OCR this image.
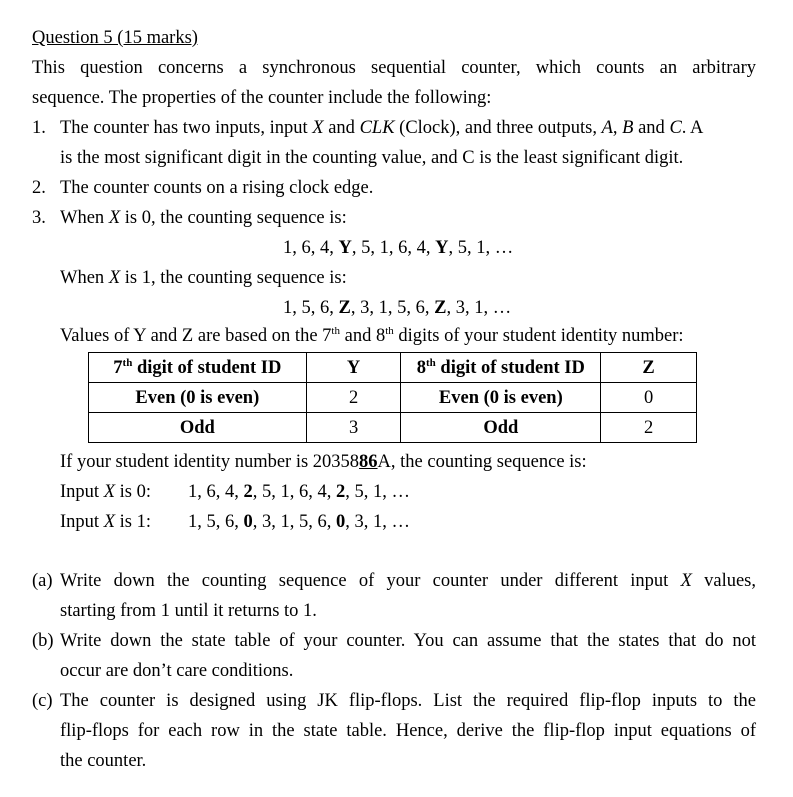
Question 5 (15 marks)
This question concerns a synchronous sequential counter, which counts an arbitrary
sequence. The properties of the counter include the following:
1. The counter has two inputs, input X and CLK (Clock), and three outputs, A, B and C. A
is the most significant digit in the counting value, and C is the least significant digit.
2. The counter counts on a rising clock edge.
3. When X is 0, the counting sequence is:
1, 6, 4, Y, 5, 1, 6, 4, Y, 5, 1, …
When X is 1, the counting sequence is:
1, 5, 6, Z, 3, 1, 5, 6, Z, 3, 1, …
Values of Y and Z are based on the 7th and 8th digits of your student identity number:
7th digit of student ID	Y	8th digit of student ID	Z
Even (0 is even)	2	Even (0 is even)	0
Odd	3	Odd	2
If your student identity number is 2035886A, the counting sequence is:
Input X is 0: 1, 6, 4, 2, 5, 1, 6, 4, 2, 5, 1, …
Input X is 1: 1, 5, 6, 0, 3, 1, 5, 6, 0, 3, 1, …
(a) Write down the counting sequence of your counter under different input X values,
starting from 1 until it returns to 1.
(b) Write down the state table of your counter. You can assume that the states that do not
occur are don’t care conditions.
(c) The counter is designed using JK flip-flops. List the required flip-flop inputs to the
flip-flops for each row in the state table. Hence, derive the flip-flop input equations of
the counter.
